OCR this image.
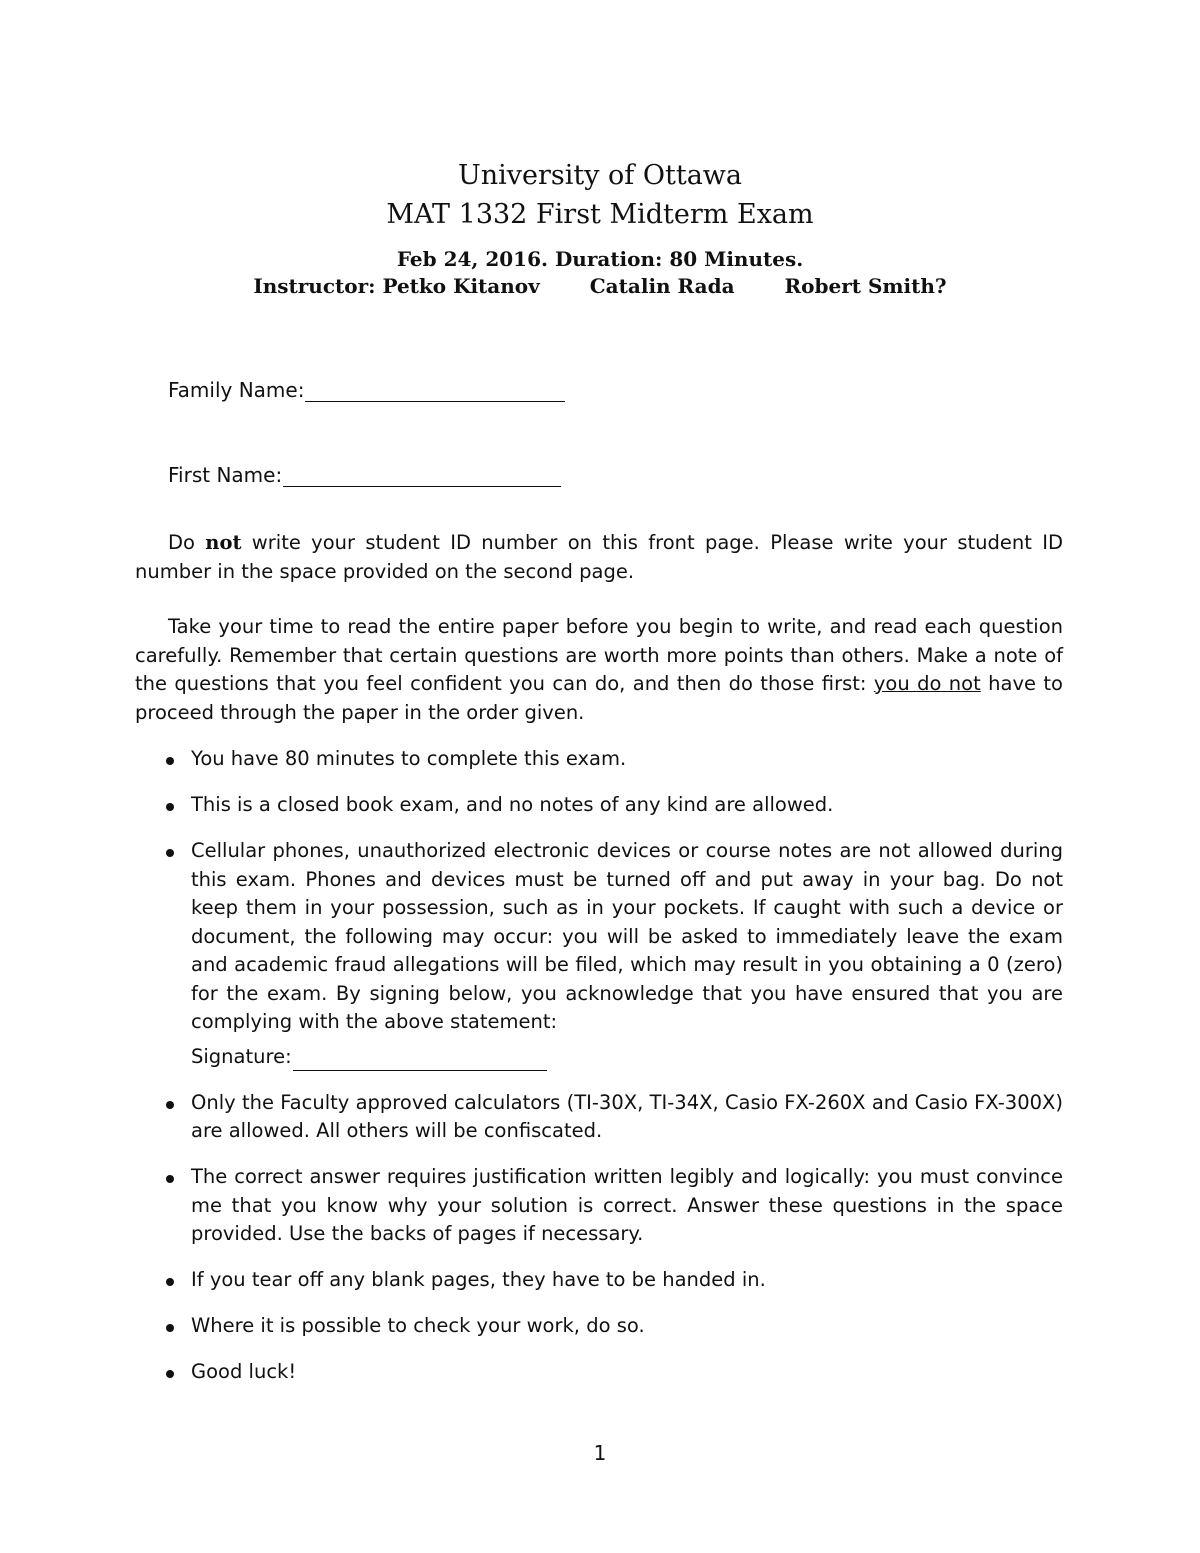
University of Ottawa
MAT 1332 First Midterm Exam
Feb 24, 2016. Duration: 80 Minutes.
Instructor: Petko Kitanov	Catalin Rada	Robert Smith?
Family Name:
First Name:

Do not write your student ID number on this front page. Please write your student ID number in the space provided on the second page.

Take your time to read the entire paper before you begin to write, and read each question carefully. Remember that certain questions are worth more points than others. Make a note of the questions that you feel confident you can do, and then do those first: you do not have to proceed through the paper in the order given.

You have 80 minutes to complete this exam.
This is a closed book exam, and no notes of any kind are allowed.
Cellular phones, unauthorized electronic devices or course notes are not allowed during this exam. Phones and devices must be turned off and put away in your bag. Do not keep them in your possession, such as in your pockets. If caught with such a device or document, the following may occur: you will be asked to immediately leave the exam and academic fraud allegations will be filed, which may result in you obtaining a 0 (zero) for the exam. By signing below, you acknowledge that you have ensured that you are complying with the above statement:
Signature:
Only the Faculty approved calculators (TI-30X, TI-34X, Casio FX-260X and Casio FX-300X) are allowed. All others will be confiscated.
The correct answer requires justification written legibly and logically: you must convince me that you know why your solution is correct. Answer these questions in the space provided. Use the backs of pages if necessary.
If you tear off any blank pages, they have to be handed in.
Where it is possible to check your work, do so.
Good luck!
1
